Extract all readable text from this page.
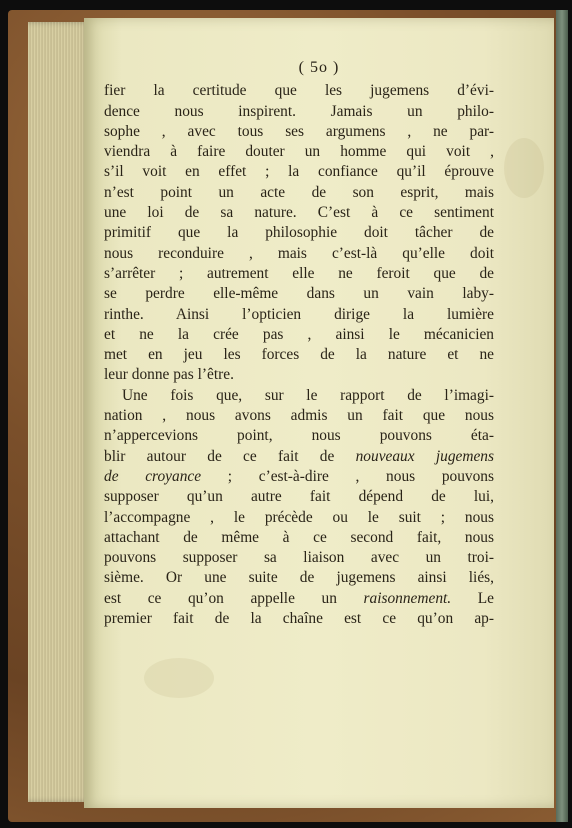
( 5o )
fier la certitude que les jugemens d’évi-
dence nous inspirent. Jamais un philo-
sophe , avec tous ses argumens , ne par-
viendra à faire douter un homme qui voit ,
s’il voit en effet ; la confiance qu’il éprouve
n’est point un acte de son esprit, mais
une loi de sa nature. C’est à ce sentiment
primitif que la philosophie doit tâcher de
nous reconduire , mais c’est-là qu’elle doit
s’arrêter ; autrement elle ne feroit que de
se perdre elle-même dans un vain laby-
rinthe. Ainsi l’opticien dirige la lumière
et ne la crée pas , ainsi le mécanicien
met en jeu les forces de la nature et ne
leur donne pas l’être.
Une fois que, sur le rapport de l’imagi-
nation , nous avons admis un fait que nous
n’appercevions point, nous pouvons éta-
blir autour de ce fait de nouveaux jugemens
de croyance ; c’est-à-dire , nous pouvons
supposer qu’un autre fait dépend de lui,
l’accompagne , le précède ou le suit ; nous
attachant de même à ce second fait, nous
pouvons supposer sa liaison avec un troi-
sième. Or une suite de jugemens ainsi liés,
est ce qu’on appelle un raisonnement. Le
premier fait de la chaîne est ce qu’on ap-
